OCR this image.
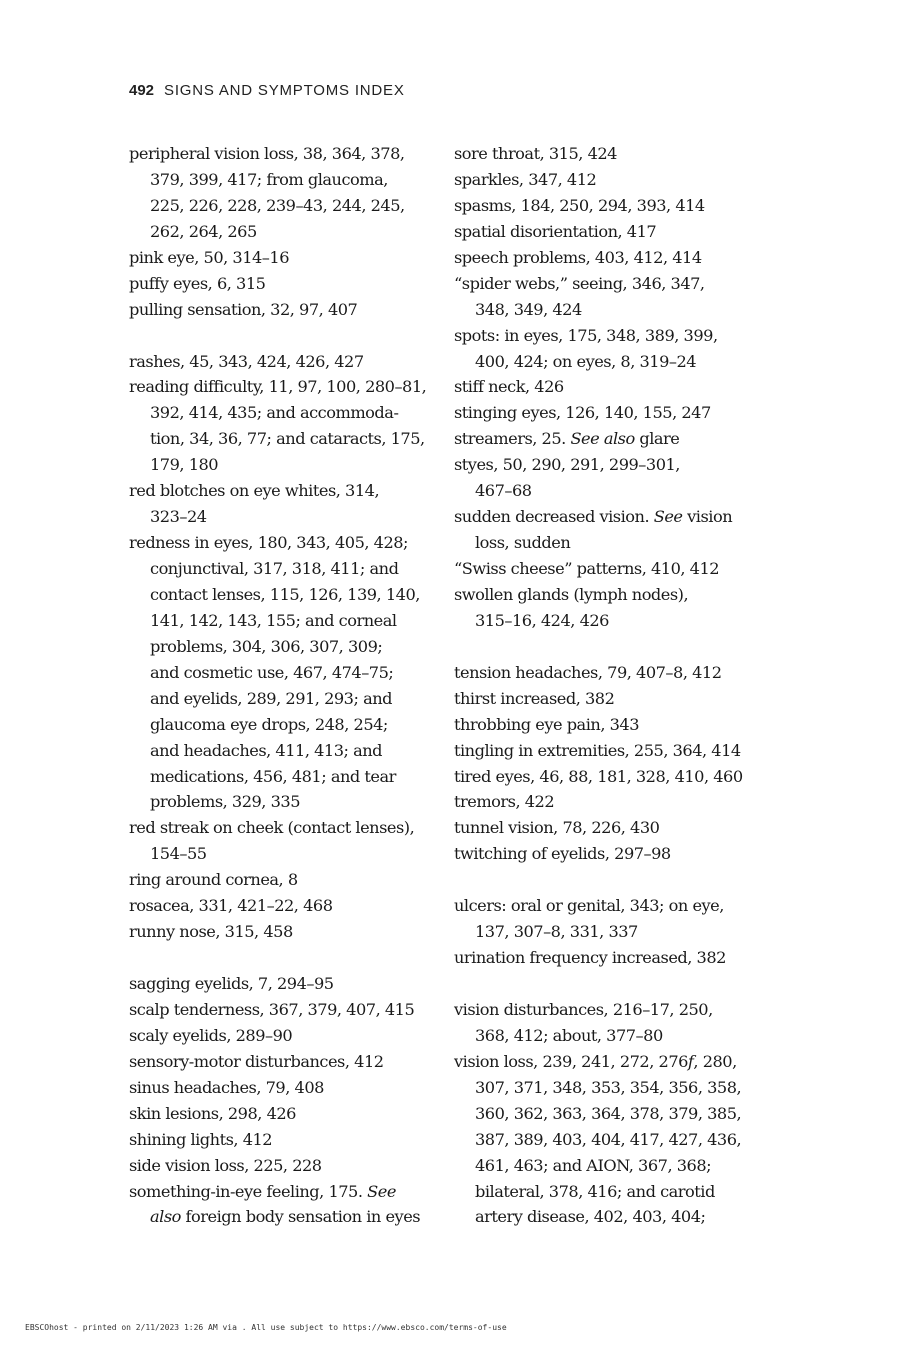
492 SIGNS AND SYMPTOMS INDEX
peripheral vision loss, 38, 364, 378,
379, 399, 417; from glaucoma,
225, 226, 228, 239–43, 244, 245,
262, 264, 265
pink eye, 50, 314–16
puffy eyes, 6, 315
pulling sensation, 32, 97, 407
rashes, 45, 343, 424, 426, 427
reading difficulty, 11, 97, 100, 280–81,
392, 414, 435; and accommoda-
tion, 34, 36, 77; and cataracts, 175,
179, 180
red blotches on eye whites, 314,
323–24
redness in eyes, 180, 343, 405, 428;
conjunctival, 317, 318, 411; and
contact lenses, 115, 126, 139, 140,
141, 142, 143, 155; and corneal
problems, 304, 306, 307, 309;
and cosmetic use, 467, 474–75;
and eyelids, 289, 291, 293; and
glaucoma eye drops, 248, 254;
and headaches, 411, 413; and
medications, 456, 481; and tear
problems, 329, 335
red streak on cheek (contact lenses),
154–55
ring around cornea, 8
rosacea, 331, 421–22, 468
runny nose, 315, 458
sagging eyelids, 7, 294–95
scalp tenderness, 367, 379, 407, 415
scaly eyelids, 289–90
sensory-motor disturbances, 412
sinus headaches, 79, 408
skin lesions, 298, 426
shining lights, 412
side vision loss, 225, 228
something-in-eye feeling, 175. See
also foreign body sensation in eyes
sore throat, 315, 424
sparkles, 347, 412
spasms, 184, 250, 294, 393, 414
spatial disorientation, 417
speech problems, 403, 412, 414
“spider webs,” seeing, 346, 347,
348, 349, 424
spots: in eyes, 175, 348, 389, 399,
400, 424; on eyes, 8, 319–24
stiff neck, 426
stinging eyes, 126, 140, 155, 247
streamers, 25. See also glare
styes, 50, 290, 291, 299–301,
467–68
sudden decreased vision. See vision
loss, sudden
“Swiss cheese” patterns, 410, 412
swollen glands (lymph nodes),
315–16, 424, 426
tension headaches, 79, 407–8, 412
thirst increased, 382
throbbing eye pain, 343
tingling in extremities, 255, 364, 414
tired eyes, 46, 88, 181, 328, 410, 460
tremors, 422
tunnel vision, 78, 226, 430
twitching of eyelids, 297–98
ulcers: oral or genital, 343; on eye,
137, 307–8, 331, 337
urination frequency increased, 382
vision disturbances, 216–17, 250,
368, 412; about, 377–80
vision loss, 239, 241, 272, 276f, 280,
307, 371, 348, 353, 354, 356, 358,
360, 362, 363, 364, 378, 379, 385,
387, 389, 403, 404, 417, 427, 436,
461, 463; and AION, 367, 368;
bilateral, 378, 416; and carotid
artery disease, 402, 403, 404;
EBSCOhost - printed on 2/11/2023 1:26 AM via . All use subject to https://www.ebsco.com/terms-of-use
